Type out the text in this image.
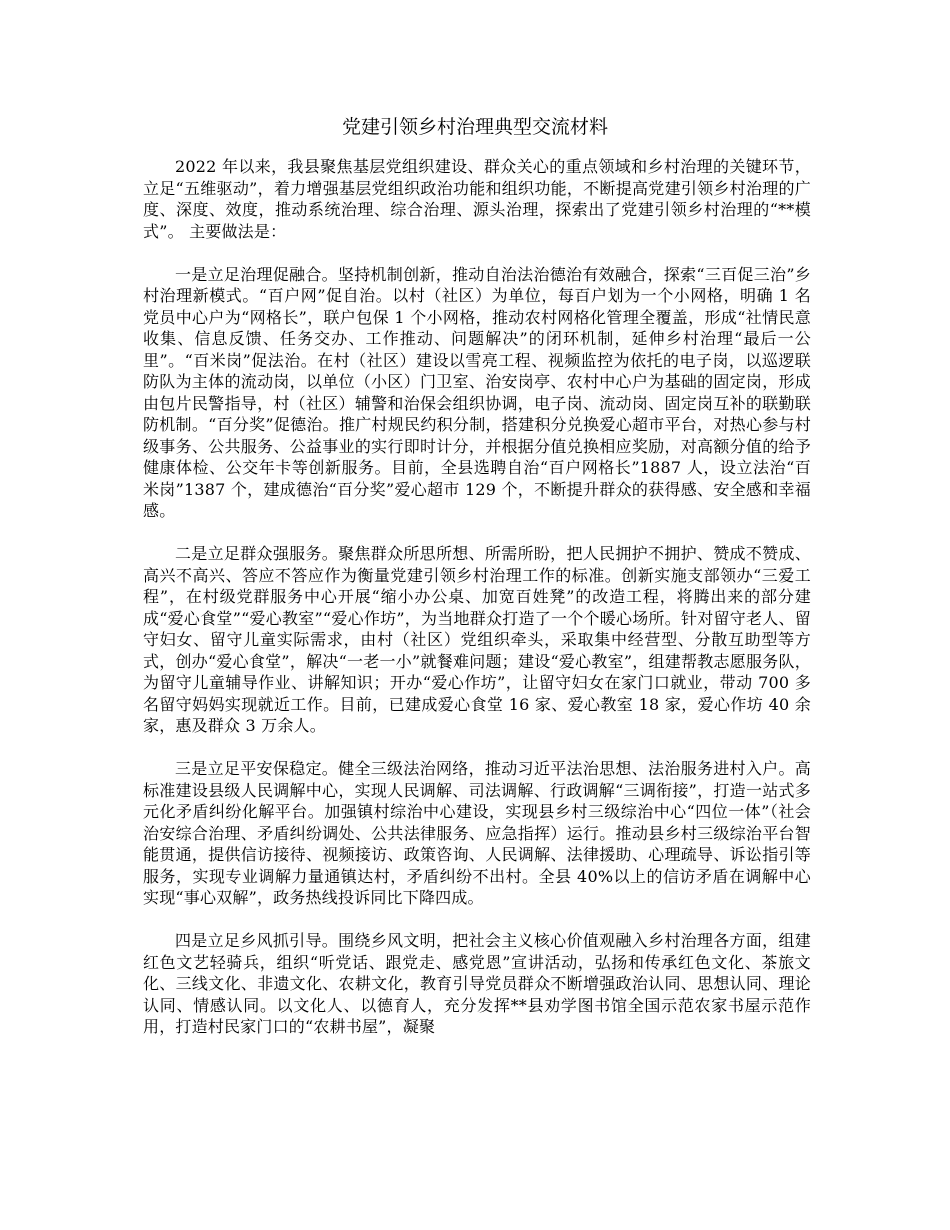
党建引领乡村治理典型交流材料

2022 年以来，我县聚焦基层党组织建设、群众关心的重点领域和乡村治理的关键环节，立足“五维驱动”，着力增强基层党组织政治功能和组织功能，不断提高党建引领乡村治理的广度、深度、效度，推动系统治理、综合治理、源头治理，探索出了党建引领乡村治理的“**模式”。 主要做法是：

一是立足治理促融合。坚持机制创新，推动自治法治德治有效融合，探索“三百促三治”乡村治理新模式。“百户网”促自治。以村（社区）为单位，每百户划为一个小网格，明确 1 名党员中心户为“网格长”，联户包保 1 个小网格，推动农村网格化管理全覆盖，形成“社情民意收集、信息反馈、任务交办、工作推动、问题解决”的闭环机制，延伸乡村治理“最后一公里”。“百米岗”促法治。在村（社区）建设以雪亮工程、视频监控为依托的电子岗，以巡逻联防队为主体的流动岗，以单位（小区）门卫室、治安岗亭、农村中心户为基础的固定岗，形成由包片民警指导，村（社区）辅警和治保会组织协调，电子岗、流动岗、固定岗互补的联勤联防机制。“百分奖”促德治。推广村规民约积分制，搭建积分兑换爱心超市平台，对热心参与村级事务、公共服务、公益事业的实行即时计分，并根据分值兑换相应奖励，对高额分值的给予健康体检、公交年卡等创新服务。目前，全县选聘自治“百户网格长”1887 人，设立法治“百米岗”1387 个，建成德治“百分奖”爱心超市 129 个，不断提升群众的获得感、安全感和幸福感。

二是立足群众强服务。聚焦群众所思所想、所需所盼，把人民拥护不拥护、赞成不赞成、高兴不高兴、答应不答应作为衡量党建引领乡村治理工作的标准。创新实施支部领办“三爱工程”，在村级党群服务中心开展“缩小办公桌、加宽百姓凳”的改造工程，将腾出来的部分建成“爱心食堂”“爱心教室”“爱心作坊”，为当地群众打造了一个个暖心场所。针对留守老人、留守妇女、留守儿童实际需求，由村（社区）党组织牵头，采取集中经营型、分散互助型等方式，创办“爱心食堂”，解决“一老一小”就餐难问题；建设“爱心教室”，组建帮教志愿服务队，为留守儿童辅导作业、讲解知识；开办“爱心作坊”，让留守妇女在家门口就业，带动 700 多名留守妈妈实现就近工作。目前，已建成爱心食堂 16 家、爱心教室 18 家，爱心作坊 40 余家，惠及群众 3 万余人。

三是立足平安保稳定。健全三级法治网络，推动习近平法治思想、法治服务进村入户。高标准建设县级人民调解中心，实现人民调解、司法调解、行政调解“三调衔接”，打造一站式多元化矛盾纠纷化解平台。加强镇村综治中心建设，实现县乡村三级综治中心“四位一体”（社会治安综合治理、矛盾纠纷调处、公共法律服务、应急指挥）运行。推动县乡村三级综治平台智能贯通，提供信访接待、视频接访、政策咨询、人民调解、法律援助、心理疏导、诉讼指引等服务，实现专业调解力量通镇达村，矛盾纠纷不出村。全县 40%以上的信访矛盾在调解中心实现“事心双解”，政务热线投诉同比下降四成。

四是立足乡风抓引导。围绕乡风文明，把社会主义核心价值观融入乡村治理各方面，组建红色文艺轻骑兵，组织“听党话、跟党走、感党恩”宣讲活动，弘扬和传承红色文化、茶旅文化、三线文化、非遗文化、农耕文化，教育引导党员群众不断增强政治认同、思想认同、理论认同、情感认同。以文化人、以德育人，充分发挥**县劝学图书馆全国示范农家书屋示范作用，打造村民家门口的“农耕书屋”，凝聚
